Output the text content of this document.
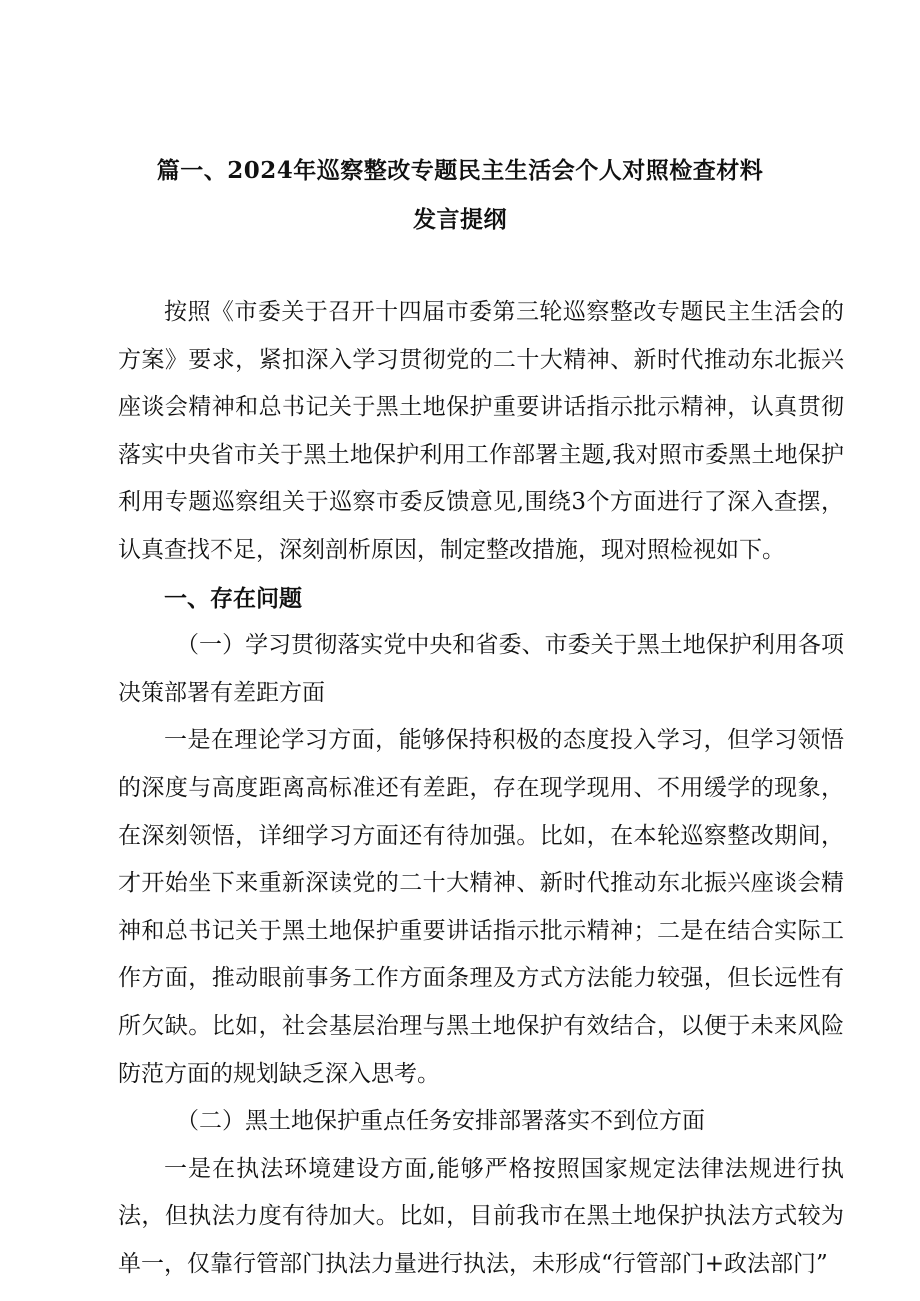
篇一、2024年巡察整改专题民主生活会个人对照检查材料
发言提纲

按照《市委关于召开十四届市委第三轮巡察整改专题民主生活会的方案》要求，紧扣深入学习贯彻党的二十大精神、新时代推动东北振兴座谈会精神和总书记关于黑土地保护重要讲话指示批示精神，认真贯彻落实中央省市关于黑土地保护利用工作部署主题,我对照市委黑土地保护利用专题巡察组关于巡察市委反馈意见,围绕3个方面进行了深入查摆，认真查找不足，深刻剖析原因，制定整改措施，现对照检视如下。

一、存在问题

（一）学习贯彻落实党中央和省委、市委关于黑土地保护利用各项决策部署有差距方面

一是在理论学习方面，能够保持积极的态度投入学习，但学习领悟的深度与高度距离高标准还有差距，存在现学现用、不用缓学的现象，在深刻领悟，详细学习方面还有待加强。比如，在本轮巡察整改期间，才开始坐下来重新深读党的二十大精神、新时代推动东北振兴座谈会精神和总书记关于黑土地保护重要讲话指示批示精神；二是在结合实际工作方面，推动眼前事务工作方面条理及方式方法能力较强，但长远性有所欠缺。比如，社会基层治理与黑土地保护有效结合，以便于未来风险防范方面的规划缺乏深入思考。

（二）黑土地保护重点任务安排部署落实不到位方面

一是在执法环境建设方面,能够严格按照国家规定法律法规进行执法，但执法力度有待加大。比如，目前我市在黑土地保护执法方式较为单一，仅靠行管部门执法力量进行执法，未形成“行管部门+政法部门”
